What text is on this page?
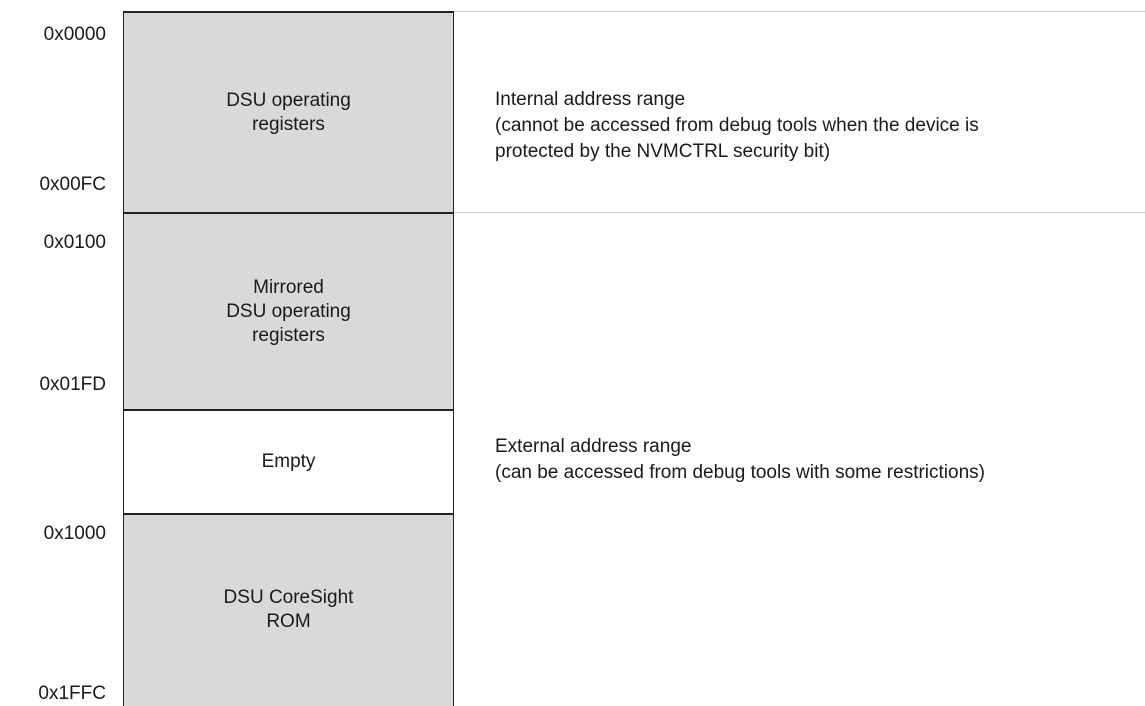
0x0000
0x00FC
0x0100
0x01FD
0x1000
0x1FFC
DSU operating
registers
Mirrored
DSU operating
registers
Empty
DSU CoreSight
ROM
Internal address range
(cannot be accessed from debug tools when the device is
protected by the NVMCTRL security bit)
External address range
(can be accessed from debug tools with some restrictions)
